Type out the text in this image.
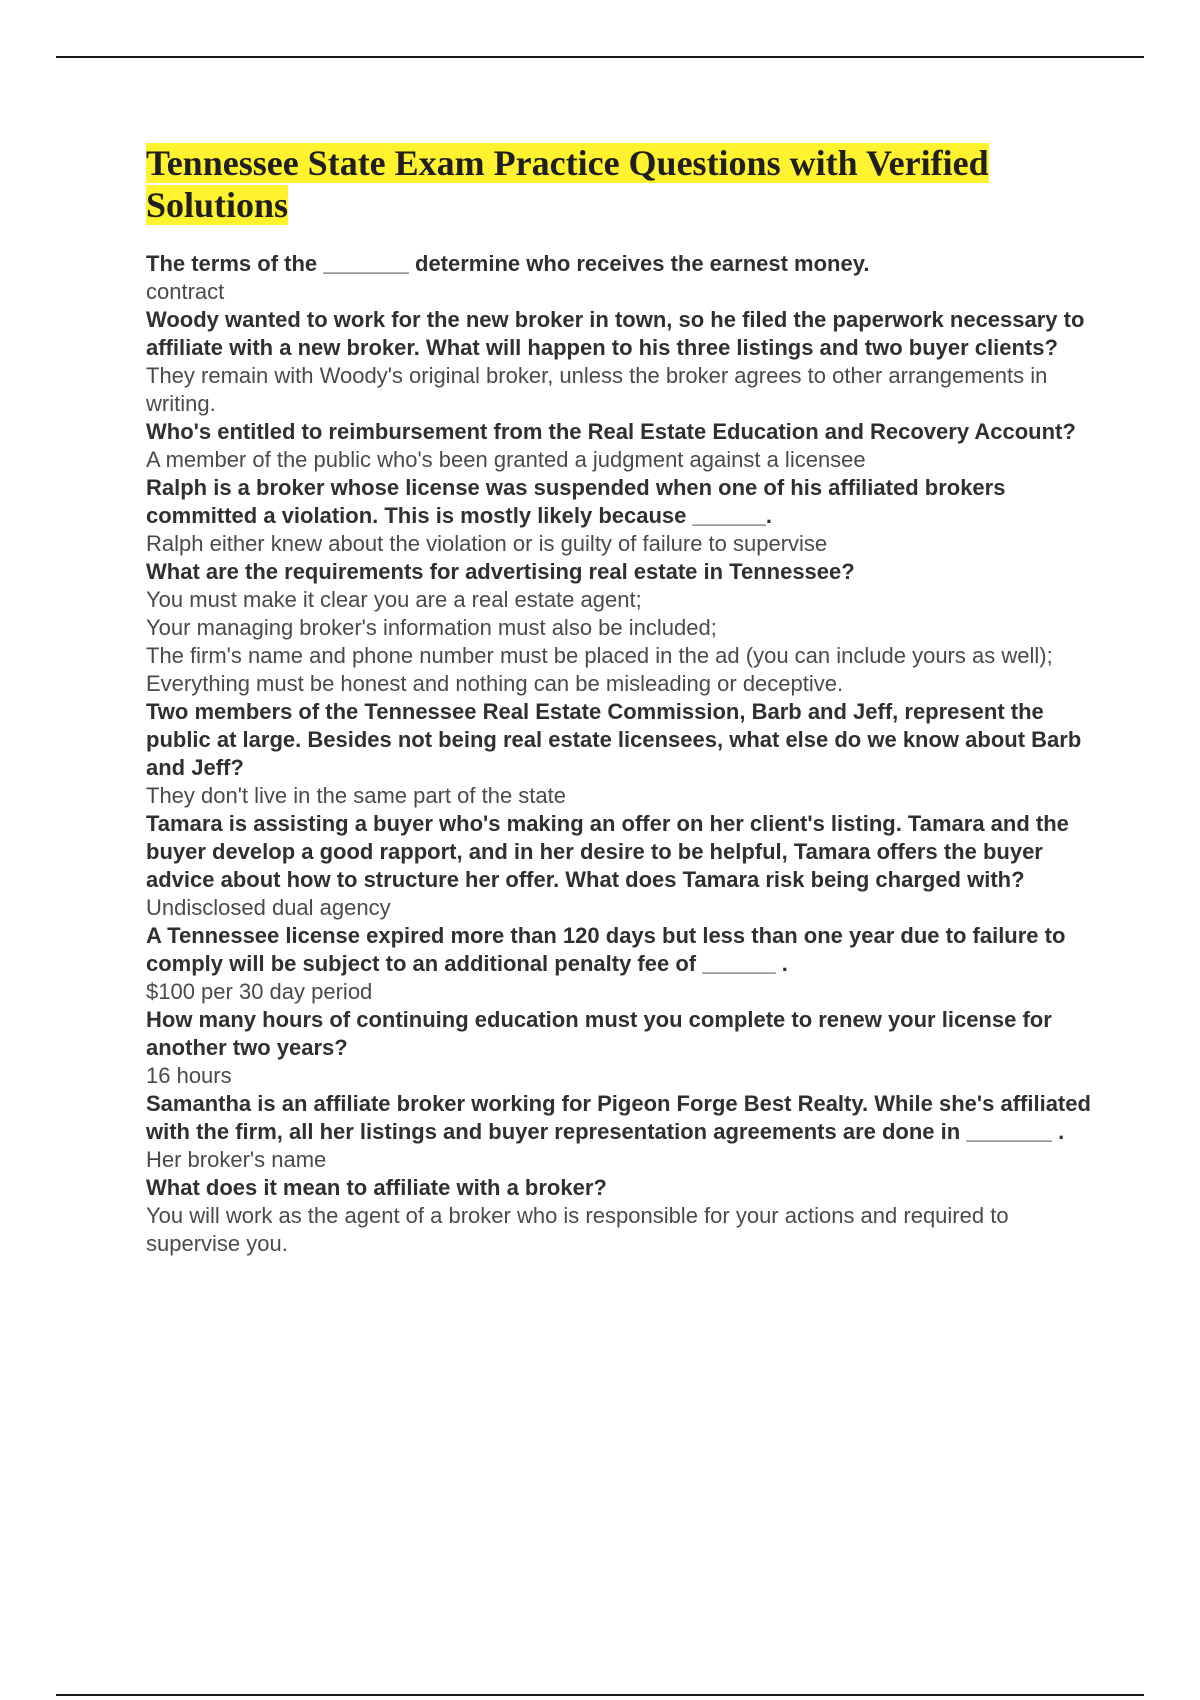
Tennessee State Exam Practice Questions with Verified Solutions

The terms of the _______ determine who receives the earnest money.

contract

Woody wanted to work for the new broker in town, so he filed the paperwork necessary to affiliate with a new broker. What will happen to his three listings and two buyer clients?

They remain with Woody's original broker, unless the broker agrees to other arrangements in writing.

Who's entitled to reimbursement from the Real Estate Education and Recovery Account?

A member of the public who's been granted a judgment against a licensee

Ralph is a broker whose license was suspended when one of his affiliated brokers committed a violation. This is mostly likely because ______.

Ralph either knew about the violation or is guilty of failure to supervise

What are the requirements for advertising real estate in Tennessee?

You must make it clear you are a real estate agent;

Your managing broker's information must also be included;

The firm's name and phone number must be placed in the ad (you can include yours as well);

Everything must be honest and nothing can be misleading or deceptive.

Two members of the Tennessee Real Estate Commission, Barb and Jeff, represent the public at large. Besides not being real estate licensees, what else do we know about Barb and Jeff?

They don't live in the same part of the state

Tamara is assisting a buyer who's making an offer on her client's listing. Tamara and the buyer develop a good rapport, and in her desire to be helpful, Tamara offers the buyer advice about how to structure her offer. What does Tamara risk being charged with?

Undisclosed dual agency

A Tennessee license expired more than 120 days but less than one year due to failure to comply will be subject to an additional penalty fee of ______ .

$100 per 30 day period

How many hours of continuing education must you complete to renew your license for another two years?

16 hours

Samantha is an affiliate broker working for Pigeon Forge Best Realty. While she's affiliated with the firm, all her listings and buyer representation agreements are done in _______ .

Her broker's name

What does it mean to affiliate with a broker?

You will work as the agent of a broker who is responsible for your actions and required to supervise you.
